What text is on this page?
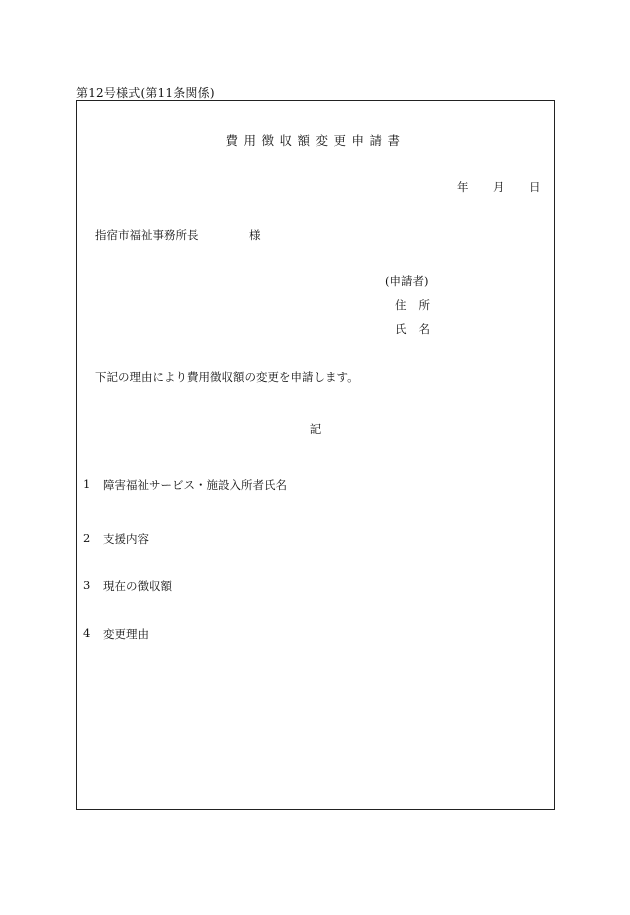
第12号様式(第11条関係)
費用徴収額変更申請書
年 月 日
指宿市福祉事務所長	様
(申請者)
住所
氏名
下記の理由により費用徴収額の変更を申請します。
記
1 障害福祉サービス・施設入所者氏名
2 支援内容
3 現在の徴収額
4 変更理由
